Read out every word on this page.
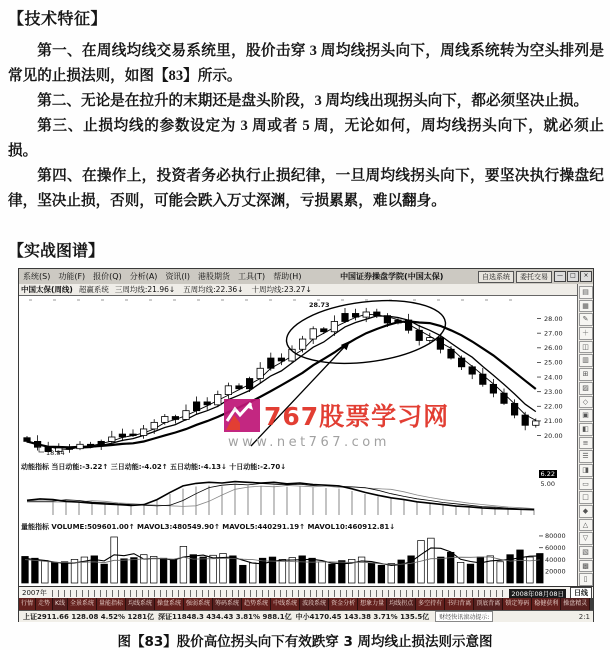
【技术特征】

第一、在周线均线交易系统里，股价击穿 3 周均线拐头向下，周线系统转为空头排列是常见的止损法则，如图【83】所示。

第二、无论是在拉升的末期还是盘头阶段，3 周均线出现拐头向下，都必须坚决止损。

第三、止损均线的参数设定为 3 周或者 5 周，无论如何，周均线拐头向下，就必须止损。

第四、在操作上，投资者务必执行止损纪律，一旦周均线拐头向下，要坚决执行操盘纪律，坚决止损，否则，可能会跌入万丈深渊，亏损累累，难以翻身。

【实战图谱】
系统(S)	功能(F)	报价(Q)	分析(A)	资讯(I)	港股期货	工具(T)	帮助(H)	中国证券操盘学院(中国太保)	自选系统	委托交易	—	□	×
中国太保(周线) 超赢系统 三周均线:21.96↓ 五周均线:22.36↓ 十周均线:23.27↓
28.00
27.00
26.00
25.00
24.00
23.00
22.00
21.00
20.00
28.73
18.84
动能指标 当日动能:-3.22↑ 三日动能:-4.02↑ 五日动能:-4.13↓ 十日动能:-2.70↓
6.22
5.00
量能指标 VOLUME:509601.00↑ MAVOL3:480549.90↑ MAVOL5:440291.19↑ MAVOL10:460912.81↓
80000
60000
40000
20000
▤
▦
✎
＋
◫
▥
⊞
▨
◇
▣
◧
≡
☰
◨
▭
□
◆
△
▽
▧
▩
▯
2007年	2008年08月08日	日线
行情 走势 K线 全景系统 量能指标 均线系统 操盘系统 强弱系统 筹码系统 趋势系统 中线系统 波段系统 资金分析 想象力量 均线拐点 多空持有 书归背离 顶底背离 锁定筹码 稳健获利 操盘精灵
上证2911.66 128.08 4.52% 1281亿 深证11848.3 434.43 3.81% 988.1亿 中小4170.45 143.38 3.71% 135.5亿	财经快讯滚动提示:	2:1
767股票学习网
www.net767.com
图【83】股价高位拐头向下有效跌穿 3 周均线止损法则示意图
